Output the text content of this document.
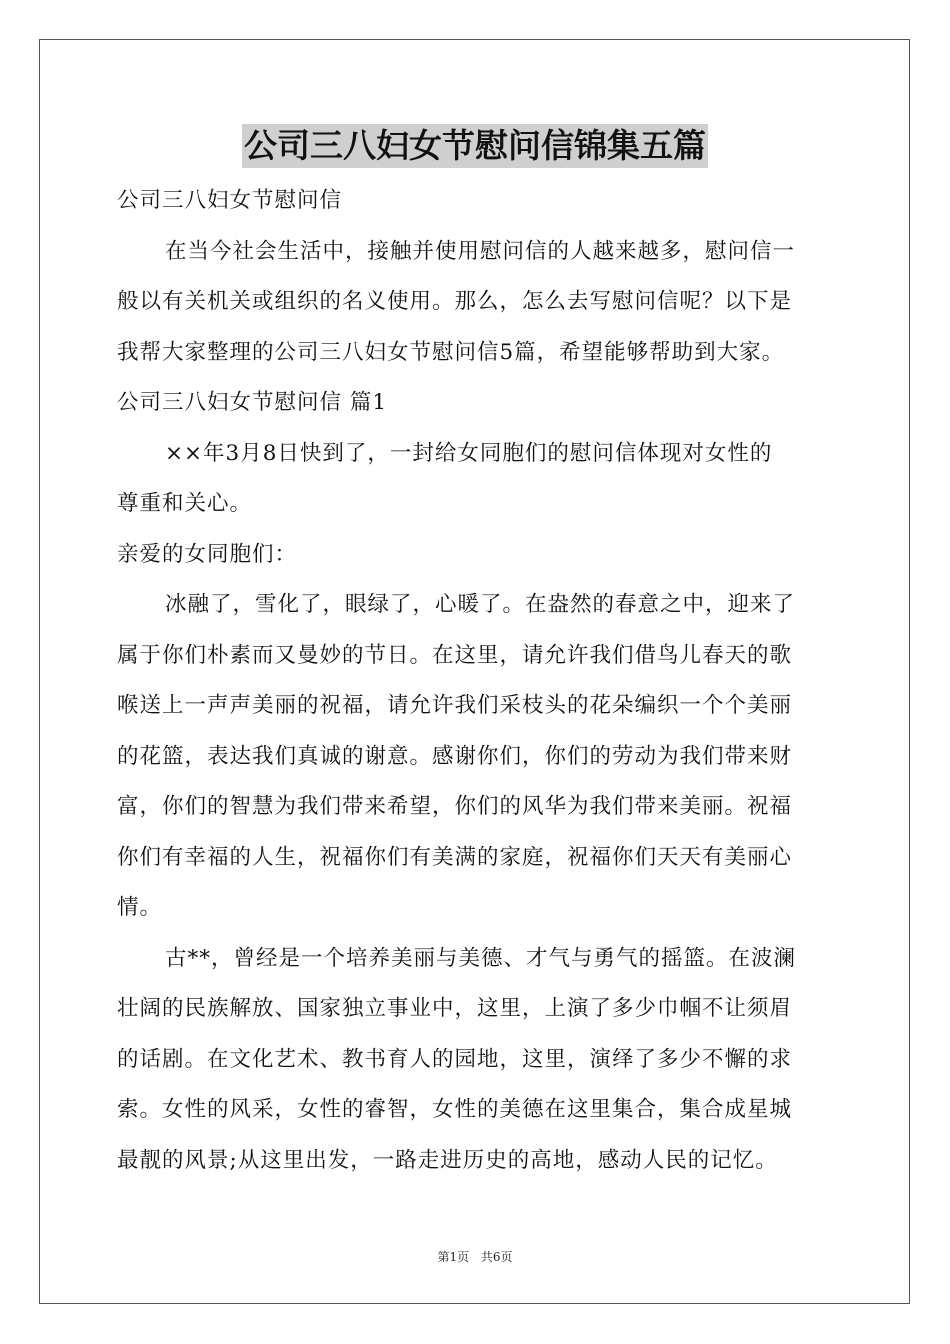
公司三八妇女节慰问信锦集五篇
公司三八妇女节慰问信
在当今社会生活中，接触并使用慰问信的人越来越多，慰问信一
般以有关机关或组织的名义使用。那么，怎么去写慰问信呢？以下是
我帮大家整理的公司三八妇女节慰问信5篇，希望能够帮助到大家。
公司三八妇女节慰问信 篇1
××年3月8日快到了，一封给女同胞们的慰问信体现对女性的
尊重和关心。
亲爱的女同胞们：
冰融了，雪化了，眼绿了，心暖了。在盎然的春意之中，迎来了
属于你们朴素而又曼妙的节日。在这里，请允许我们借鸟儿春天的歌
喉送上一声声美丽的祝福，请允许我们采枝头的花朵编织一个个美丽
的花篮，表达我们真诚的谢意。感谢你们，你们的劳动为我们带来财
富，你们的智慧为我们带来希望，你们的风华为我们带来美丽。祝福
你们有幸福的人生，祝福你们有美满的家庭，祝福你们天天有美丽心
情。
古**，曾经是一个培养美丽与美德、才气与勇气的摇篮。在波澜
壮阔的民族解放、国家独立事业中，这里，上演了多少巾帼不让须眉
的话剧。在文化艺术、教书育人的园地，这里，演绎了多少不懈的求
索。女性的风采，女性的睿智，女性的美德在这里集合，集合成星城
最靓的风景;从这里出发，一路走进历史的高地，感动人民的记忆。
第1页 共6页
